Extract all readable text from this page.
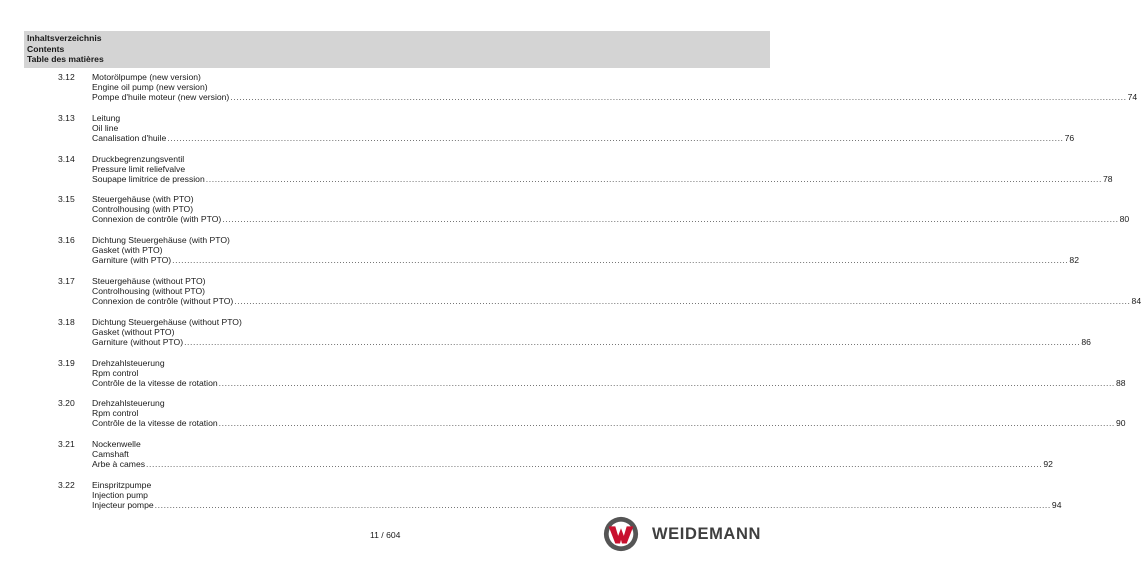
Inhaltsverzeichnis
Contents
Table des matières
3.12 Motorölpumpe (new version)
Engine oil pump (new version)
Pompe d'huile moteur (new version) ............................................................................................................................................................................................................................................................................................................ 74
3.13 Leitung
Oil line
Canalisation d'huile ............................................................................................................................................................................................................................................................................................................ 76
3.14 Druckbegrenzungsventil
Pressure limit reliefvalve
Soupape limitrice de pression ............................................................................................................................................................................................................................................................................................................ 78
3.15 Steuergehäuse (with PTO)
Controlhousing (with PTO)
Connexion de contrôle (with PTO) ............................................................................................................................................................................................................................................................................................................ 80
3.16 Dichtung Steuergehäuse (with PTO)
Gasket (with PTO)
Garniture (with PTO) ............................................................................................................................................................................................................................................................................................................ 82
3.17 Steuergehäuse (without PTO)
Controlhousing (without PTO)
Connexion de contrôle (without PTO) ............................................................................................................................................................................................................................................................................................................ 84
3.18 Dichtung Steuergehäuse (without PTO)
Gasket (without PTO)
Garniture (without PTO) ............................................................................................................................................................................................................................................................................................................ 86
3.19 Drehzahlsteuerung
Rpm control
Contrôle de la vitesse de rotation ............................................................................................................................................................................................................................................................................................................ 88
3.20 Drehzahlsteuerung
Rpm control
Contrôle de la vitesse de rotation ............................................................................................................................................................................................................................................................................................................ 90
3.21 Nockenwelle
Camshaft
Arbe à cames ............................................................................................................................................................................................................................................................................................................ 92
3.22 Einspritzpumpe
Injection pump
Injecteur pompe ............................................................................................................................................................................................................................................................................................................ 94
11 / 604	WEIDEMANN
